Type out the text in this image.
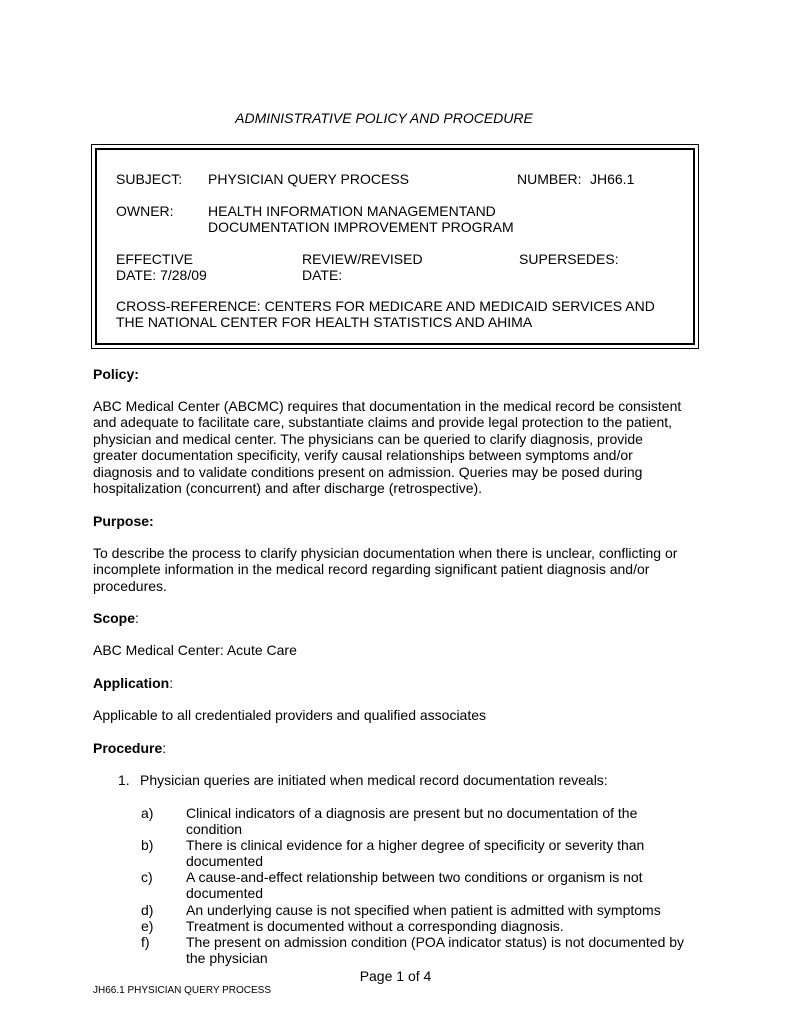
ADMINISTRATIVE POLICY AND PROCEDURE
SUBJECT: PHYSICIAN QUERY PROCESS	NUMBER: JH66.1
OWNER: HEALTH INFORMATION MANAGEMENTAND
DOCUMENTATION IMPROVEMENT PROGRAM
EFFECTIVE
DATE: 7/28/09
REVIEW/REVISED
DATE:
SUPERSEDES:
CROSS-REFERENCE: CENTERS FOR MEDICARE AND MEDICAID SERVICES AND
THE NATIONAL CENTER FOR HEALTH STATISTICS AND AHIMA
Policy:
ABC Medical Center (ABCMC) requires that documentation in the medical record be consistent
and adequate to facilitate care, substantiate claims and provide legal protection to the patient,
physician and medical center. The physicians can be queried to clarify diagnosis, provide
greater documentation specificity, verify causal relationships between symptoms and/or
diagnosis and to validate conditions present on admission. Queries may be posed during
hospitalization (concurrent) and after discharge (retrospective).
Purpose:
To describe the process to clarify physician documentation when there is unclear, conflicting or
incomplete information in the medical record regarding significant patient diagnosis and/or
procedures.
Scope:
ABC Medical Center: Acute Care
Application:
Applicable to all credentialed providers and qualified associates
Procedure:
1. Physician queries are initiated when medical record documentation reveals:
a) Clinical indicators of a diagnosis are present but no documentation of the
condition
b) There is clinical evidence for a higher degree of specificity or severity than
documented
c) A cause-and-effect relationship between two conditions or organism is not
documented
d) An underlying cause is not specified when patient is admitted with symptoms
e) Treatment is documented without a corresponding diagnosis.
f)	The present on admission condition (POA indicator status) is not documented by
the physician
Page 1 of 4
JH66.1 PHYSICIAN QUERY PROCESS
